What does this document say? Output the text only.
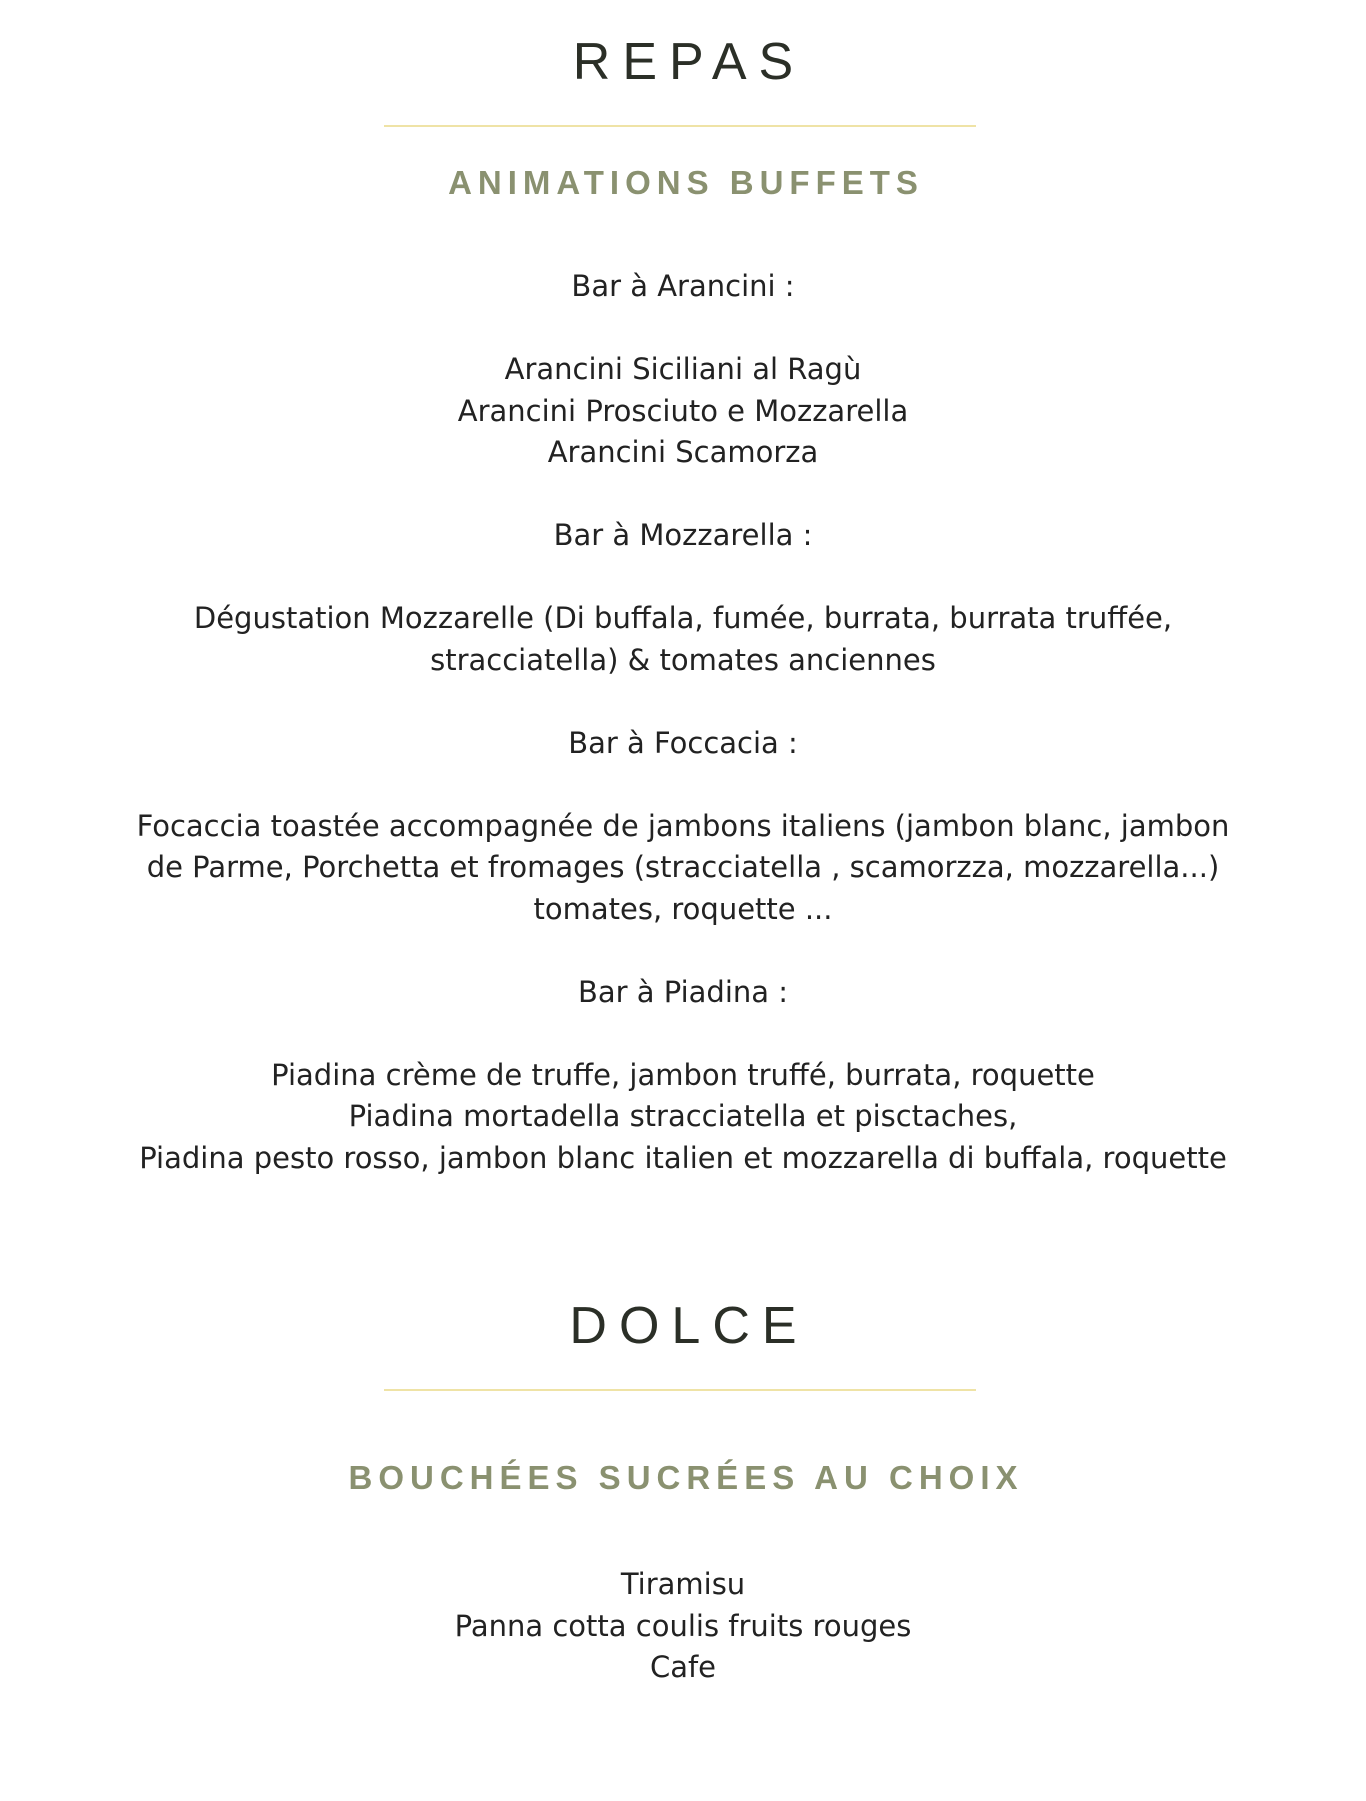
REPAS
ANIMATIONS BUFFETS
Bar à Arancini :
Arancini Siciliani al Ragù
Arancini Prosciuto e Mozzarella
Arancini Scamorza
Bar à Mozzarella :
Dégustation Mozzarelle (Di buffala, fumée, burrata, burrata truffée,
stracciatella) & tomates anciennes
Bar à Foccacia :
Focaccia toastée accompagnée de jambons italiens (jambon blanc, jambon
de Parme, Porchetta et fromages (stracciatella , scamorzza, mozzarella...)
tomates, roquette ...
Bar à Piadina :
Piadina crème de truffe, jambon truffé, burrata, roquette
Piadina mortadella stracciatella et pisctaches,
Piadina pesto rosso, jambon blanc italien et mozzarella di buffala, roquette
DOLCE
BOUCHÉES SUCRÉES AU CHOIX
Tiramisu
Panna cotta coulis fruits rouges
Cafe
